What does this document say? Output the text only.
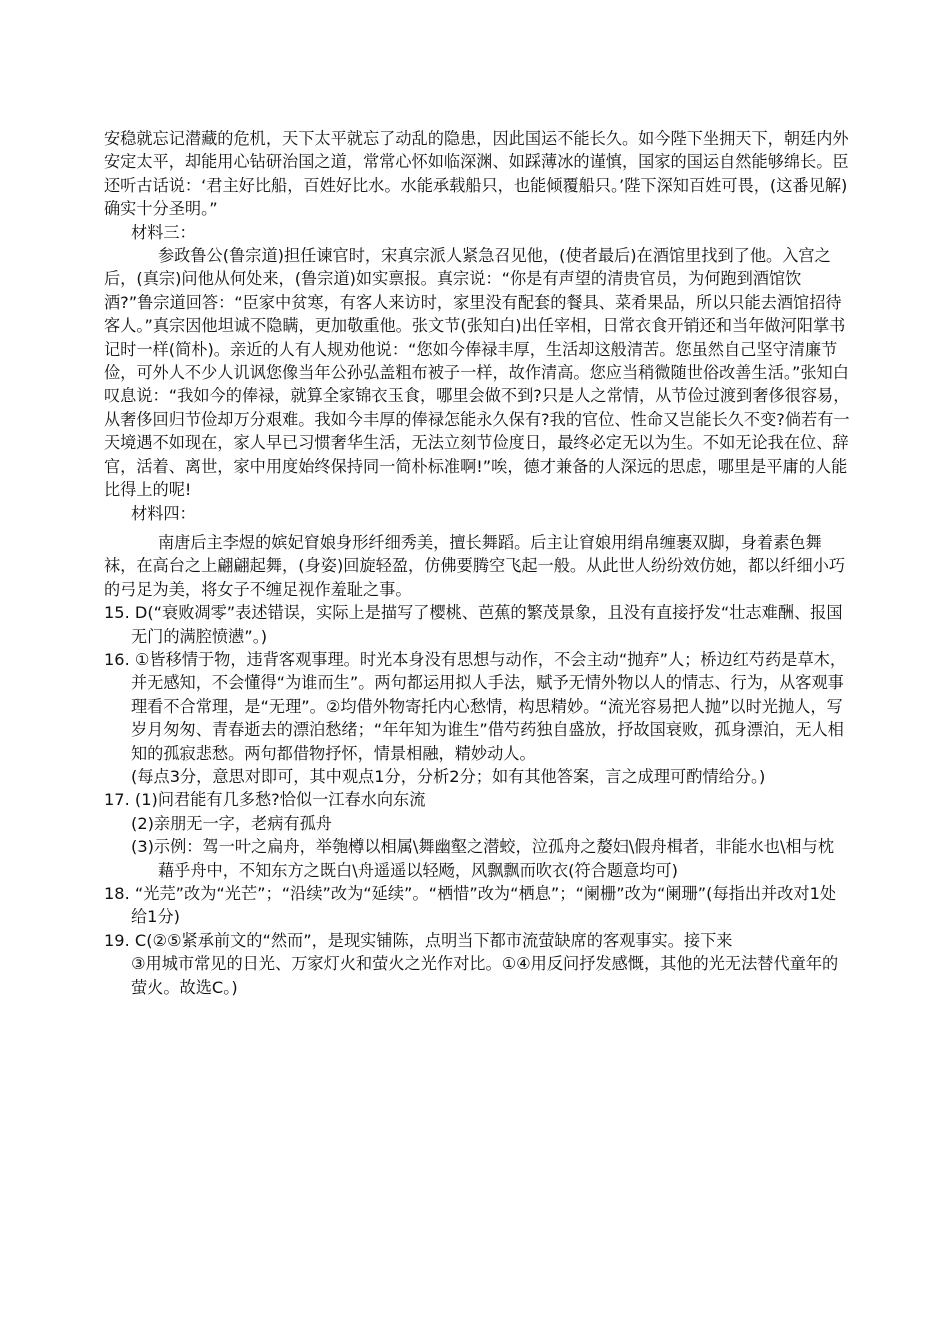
安稳就忘记潜藏的危机，天下太平就忘了动乱的隐患，因此国运不能长久。如今陛下坐拥天下，朝廷内外安定太平，却能用心钻研治国之道，常常心怀如临深渊、如踩薄冰的谨慎，国家的国运自然能够绵长。臣还听古话说：‘君主好比船，百姓好比水。水能承载船只，也能倾覆船只。’陛下深知百姓可畏，(这番见解)确实十分圣明。”

材料三：

参政鲁公(鲁宗道)担任谏官时，宋真宗派人紧急召见他，(使者最后)在酒馆里找到了他。入宫之后，(真宗)问他从何处来，(鲁宗道)如实禀报。真宗说：“你是有声望的清贵官员，为何跑到酒馆饮酒?”鲁宗道回答：“臣家中贫寒，有客人来访时，家里没有配套的餐具、菜肴果品，所以只能去酒馆招待客人。”真宗因他坦诚不隐瞒，更加敬重他。张文节(张知白)出任宰相，日常衣食开销还和当年做河阳掌书记时一样(简朴)。亲近的人有人规劝他说：“您如今俸禄丰厚，生活却这般清苦。您虽然自己坚守清廉节俭，可外人不少人讥讽您像当年公孙弘盖粗布被子一样，故作清高。您应当稍微随世俗改善生活。”张知白叹息说：“我如今的俸禄，就算全家锦衣玉食，哪里会做不到?只是人之常情，从节俭过渡到奢侈很容易，从奢侈回归节俭却万分艰难。我如今丰厚的俸禄怎能永久保有?我的官位、性命又岂能长久不变?倘若有一天境遇不如现在，家人早已习惯奢华生活，无法立刻节俭度日，最终必定无以为生。不如无论我在位、辞官，活着、离世，家中用度始终保持同一简朴标准啊!”唉，德才兼备的人深远的思虑，哪里是平庸的人能比得上的呢!

材料四：

南唐后主李煜的嫔妃窅娘身形纤细秀美，擅长舞蹈。后主让窅娘用绢帛缠裹双脚，身着素色舞袜，在高台之上翩翩起舞，(身姿)回旋轻盈，仿佛要腾空飞起一般。从此世人纷纷效仿她，都以纤细小巧的弓足为美，将女子不缠足视作羞耻之事。

15. D(“衰败凋零”表述错误，实际上是描写了樱桃、芭蕉的繁茂景象，且没有直接抒发“壮志难酬、报国无门的满腔愤懑”。)

16. ①皆移情于物，违背客观事理。时光本身没有思想与动作，不会主动“抛弃”人；桥边红芍药是草木，并无感知，不会懂得“为谁而生”。两句都运用拟人手法，赋予无情外物以人的情志、行为，从客观事理看不合常理，是“无理”。②均借外物寄托内心愁情，构思精妙。“流光容易把人抛”以时光抛人，写岁月匆匆、青春逝去的漂泊愁绪；“年年知为谁生”借芍药独自盛放，抒故国衰败，孤身漂泊，无人相知的孤寂悲愁。两句都借物抒怀，情景相融，精妙动人。

(每点3分，意思对即可，其中观点1分，分析2分；如有其他答案，言之成理可酌情给分。)

17. (1)问君能有几多愁?恰似一江春水向东流

(2)亲朋无一字，老病有孤舟

(3)示例：驾一叶之扁舟，举匏樽以相属\舞幽壑之潜蛟，泣孤舟之嫠妇\假舟楫者，非能水也\相与枕藉乎舟中，不知东方之既白\舟遥遥以轻飏，风飘飘而吹衣(符合题意均可)

18. “光芫”改为“光芒”；“沿续”改为“延续”。“栖惜”改为“栖息”；“阑栅”改为“阑珊”(每指出并改对1处给1分)

19. C(②⑤紧承前文的“然而”，是现实铺陈，点明当下都市流萤缺席的客观事实。接下来

③用城市常见的日光、万家灯火和萤火之光作对比。①④用反问抒发感慨，其他的光无法替代童年的萤火。故选C。)
